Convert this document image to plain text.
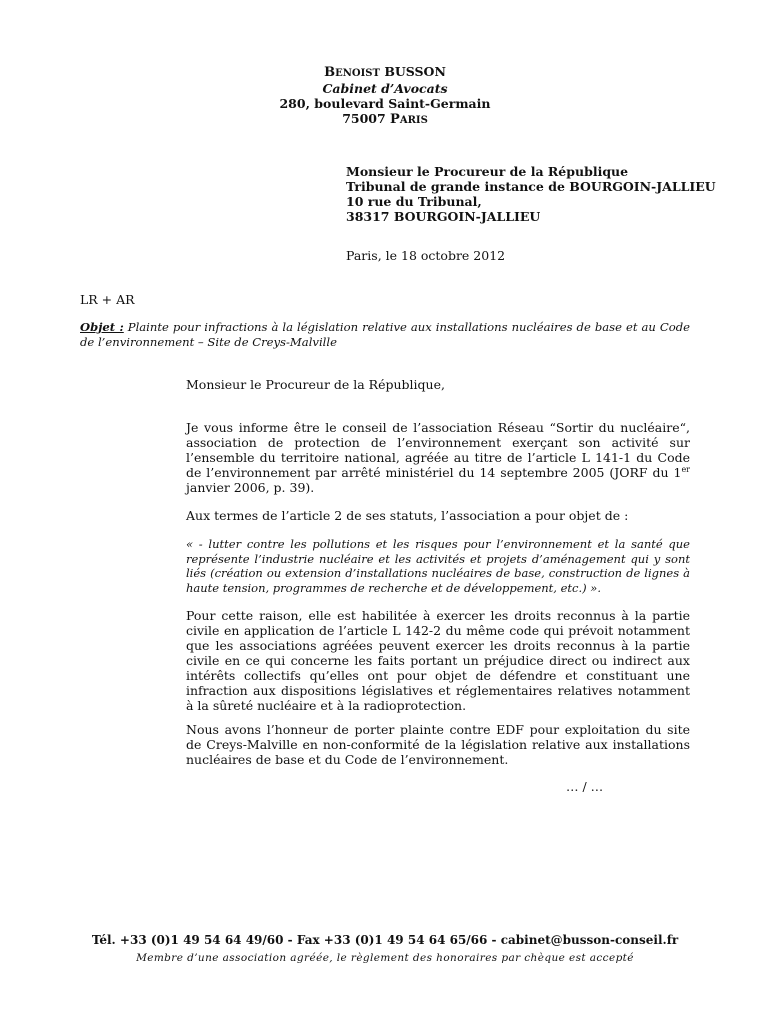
BENOIST BUSSON
Cabinet d’Avocats
280, boulevard Saint-Germain
75007 PARIS
Monsieur le Procureur de la République
Tribunal de grande instance de BOURGOIN-JALLIEU
10 rue du Tribunal,
38317 BOURGOIN-JALLIEU
Paris, le 18 octobre 2012
LR + AR
Objet : Plainte pour infractions à la législation relative aux installations nucléaires de base et au Code de l’environnement – Site de Creys-Malville
Monsieur le Procureur de la République,
Je vous informe être le conseil de l’association Réseau “Sortir du nucléaire“, association de protection de l’environnement exerçant son activité sur l’ensemble du territoire national, agréée au titre de l’article L 141-1 du Code de l’environnement par arrêté ministériel du 14 septembre 2005 (JORF du 1er janvier 2006, p. 39).
Aux termes de l’article 2 de ses statuts, l’association a pour objet de :
« - lutter contre les pollutions et les risques pour l’environnement et la santé que représente l’industrie nucléaire et les activités et projets d’aménagement qui y sont liés (création ou extension d’installations nucléaires de base, construction de lignes à haute tension, programmes de recherche et de développement, etc.) ».
Pour cette raison, elle est habilitée à exercer les droits reconnus à la partie civile en application de l’article L 142-2 du même code qui prévoit notamment que les associations agréées peuvent exercer les droits reconnus à la partie civile en ce qui concerne les faits portant un préjudice direct ou indirect aux intérêts collectifs qu’elles ont pour objet de défendre et constituant une infraction aux dispositions législatives et réglementaires relatives notamment à la sûreté nucléaire et à la radioprotection.
Nous avons l’honneur de porter plainte contre EDF pour exploitation du site de Creys-Malville en non-conformité de la législation relative aux installations nucléaires de base et du Code de l’environnement.
… / …
Tél. +33 (0)1 49 54 64 49/60 - Fax +33 (0)1 49 54 64 65/66 - cabinet@busson-conseil.fr
Membre d’une association agréée, le règlement des honoraires par chèque est accepté
